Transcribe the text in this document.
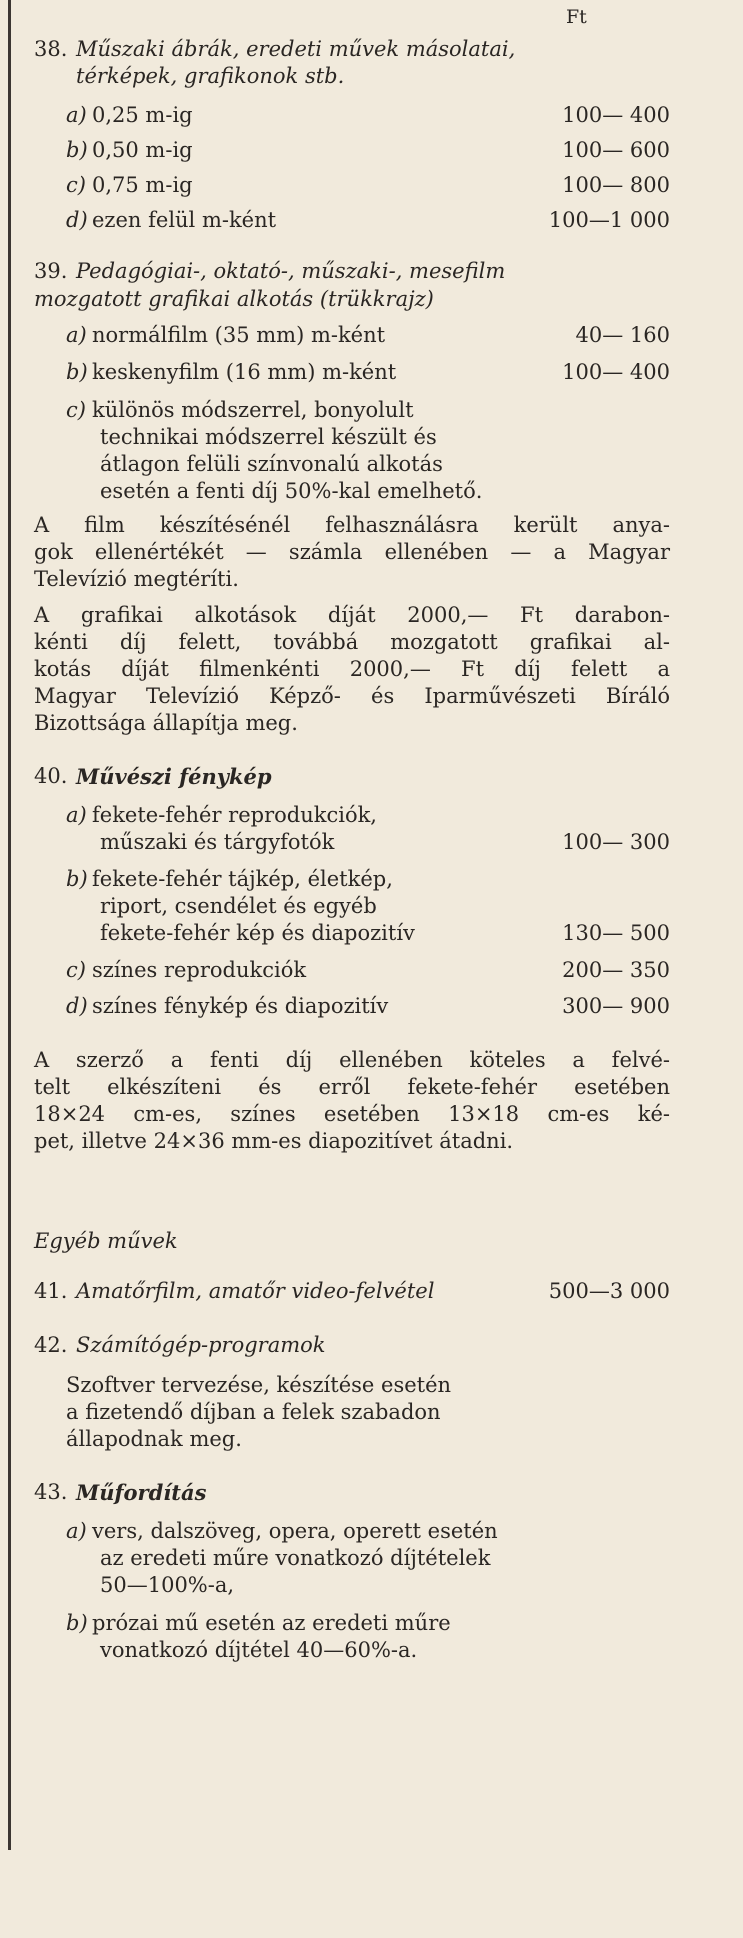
Ft
38. Műszaki ábrák, eredeti művek másolatai,
térképek, grafikonok stb.
a) 0,25 m-ig	100— 400
b) 0,50 m-ig	100— 600
c) 0,75 m-ig	100— 800
d) ezen felül m-ként	100—1 000
39. Pedagógiai-, oktató-, műszaki-, mesefilm
mozgatott grafikai alkotás (trükkrajz)
a) normálfilm (35 mm) m-ként	40— 160
b) keskenyfilm (16 mm) m-ként	100— 400
c) különös módszerrel, bonyolult
technikai módszerrel készült és
átlagon felüli színvonalú alkotás
esetén a fenti díj 50%-kal emelhető.
A film készítésénél felhasználásra került anya-
gok ellenértékét — számla ellenében — a Magyar
Televízió megtéríti.
A grafikai alkotások díját 2000,— Ft darabon-
kénti díj felett, továbbá mozgatott grafikai al-
kotás díját filmenkénti 2000,— Ft díj felett a
Magyar Televízió Képző- és Iparművészeti Bíráló
Bizottsága állapítja meg.
40. Művészi fénykép
a) fekete-fehér reprodukciók,
műszaki és tárgyfotók	100— 300
b) fekete-fehér tájkép, életkép,
riport, csendélet és egyéb
fekete-fehér kép és diapozitív	130— 500
c) színes reprodukciók	200— 350
d) színes fénykép és diapozitív	300— 900
A szerző a fenti díj ellenében köteles a felvé-
telt elkészíteni és erről fekete-fehér esetében
18×24 cm-es, színes esetében 13×18 cm-es ké-
pet, illetve 24×36 mm-es diapozitívet átadni.
Egyéb művek
41. Amatőrfilm, amatőr video-felvétel	500—3 000
42. Számítógép-programok
Szoftver tervezése, készítése esetén
a fizetendő díjban a felek szabadon
állapodnak meg.
43. Műfordítás
a) vers, dalszöveg, opera, operett esetén
az eredeti műre vonatkozó díjtételek
50—100%-a,
b) prózai mű esetén az eredeti műre
vonatkozó díjtétel 40—60%-a.
